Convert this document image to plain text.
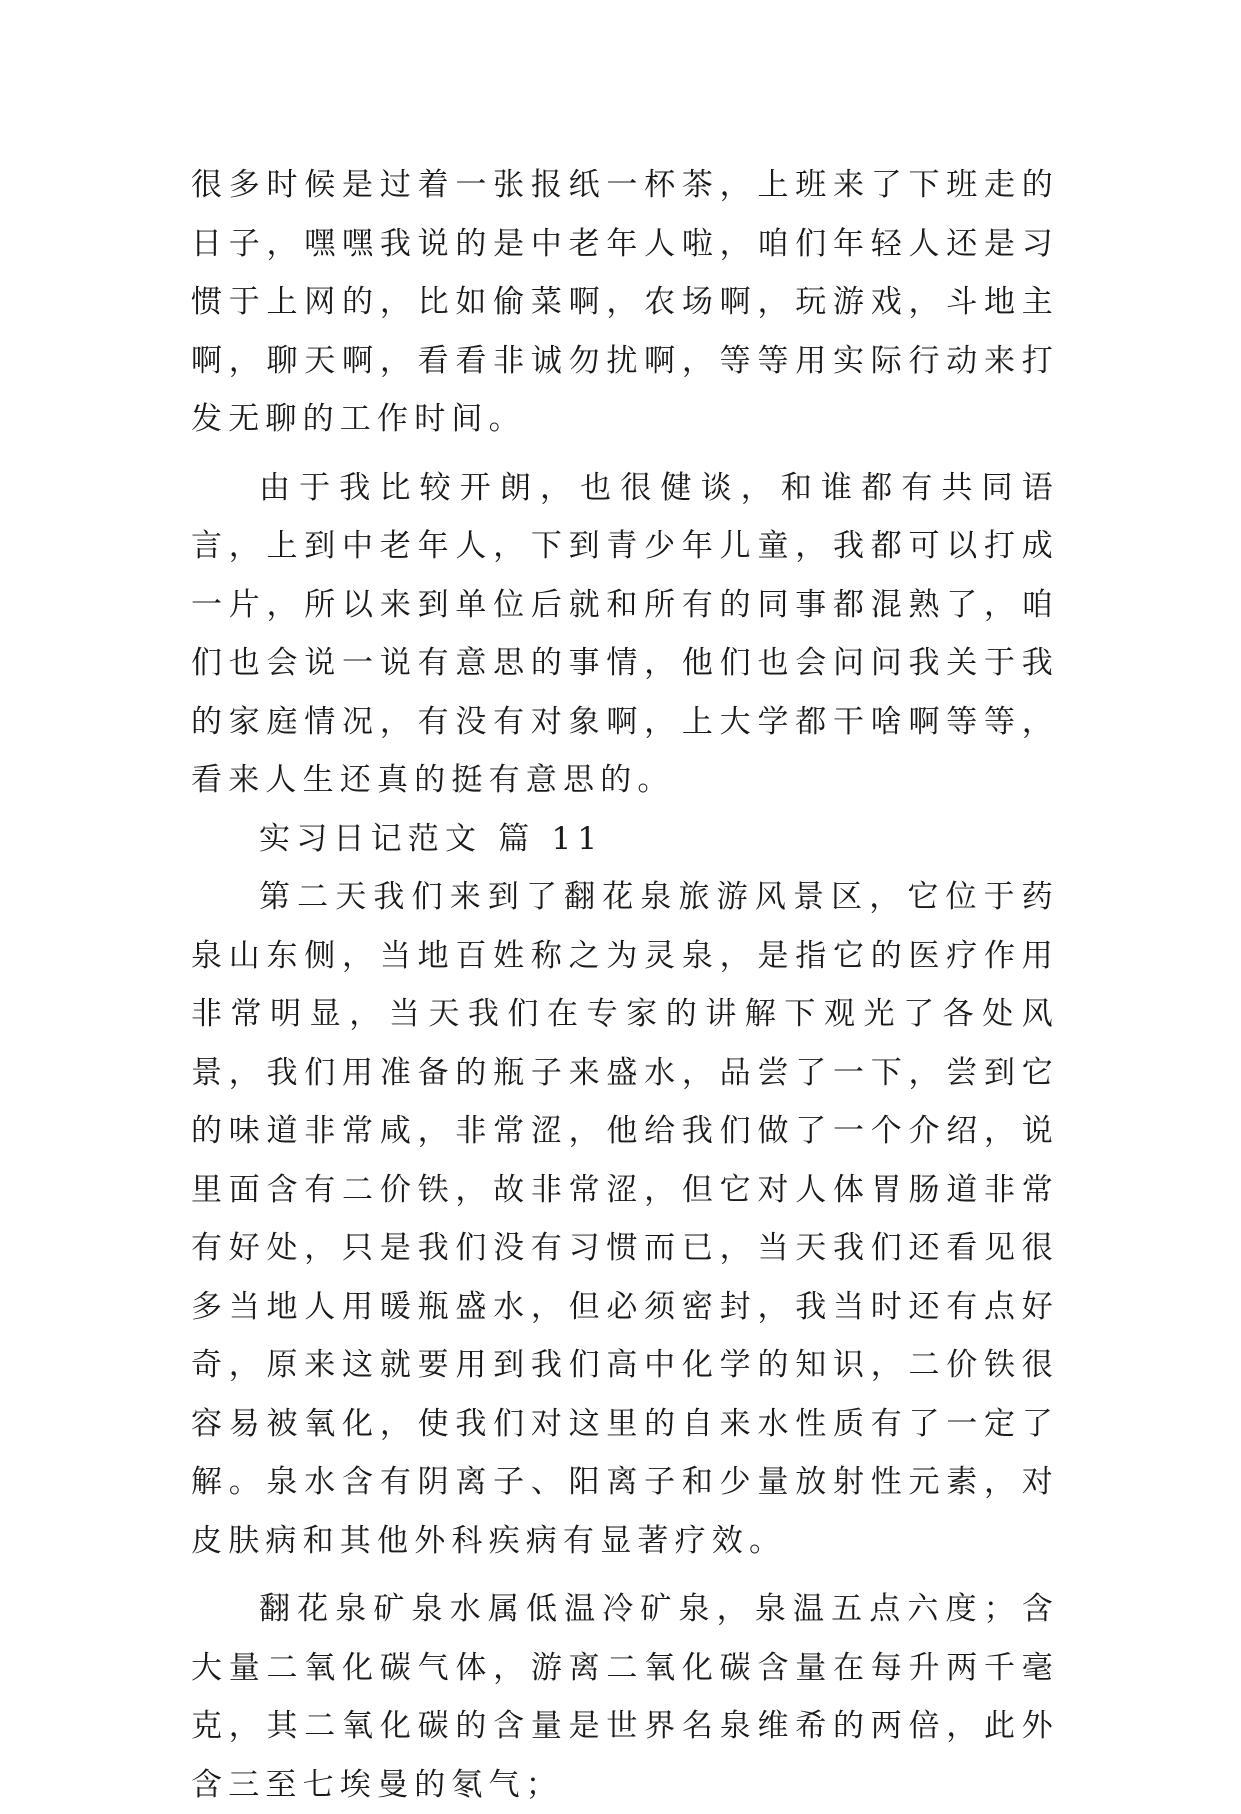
很多时候是过着一张报纸一杯茶，上班来了下班走的日子，嘿嘿我说的是中老年人啦，咱们年轻人还是习惯于上网的，比如偷菜啊，农场啊，玩游戏，斗地主啊，聊天啊，看看非诚勿扰啊，等等用实际行动来打发无聊的工作时间。

由于我比较开朗，也很健谈，和谁都有共同语言，上到中老年人，下到青少年儿童，我都可以打成一片，所以来到单位后就和所有的同事都混熟了，咱们也会说一说有意思的事情，他们也会问问我关于我的家庭情况，有没有对象啊，上大学都干啥啊等等，看来人生还真的挺有意思的。

实习日记范文 篇 11

第二天我们来到了翻花泉旅游风景区，它位于药泉山东侧，当地百姓称之为灵泉，是指它的医疗作用非常明显，当天我们在专家的讲解下观光了各处风景，我们用准备的瓶子来盛水，品尝了一下，尝到它的味道非常咸，非常涩，他给我们做了一个介绍，说里面含有二价铁，故非常涩，但它对人体胃肠道非常有好处，只是我们没有习惯而已，当天我们还看见很多当地人用暖瓶盛水，但必须密封，我当时还有点好奇，原来这就要用到我们高中化学的知识，二价铁很容易被氧化，使我们对这里的自来水性质有了一定了解。泉水含有阴离子、阳离子和少量放射性元素，对皮肤病和其他外科疾病有显著疗效。

翻花泉矿泉水属低温冷矿泉，泉温五点六度；含大量二氧化碳气体，游离二氧化碳含量在每升两千毫克，其二氧化碳的含量是世界名泉维希的两倍，此外含三至七埃曼的氡气；
